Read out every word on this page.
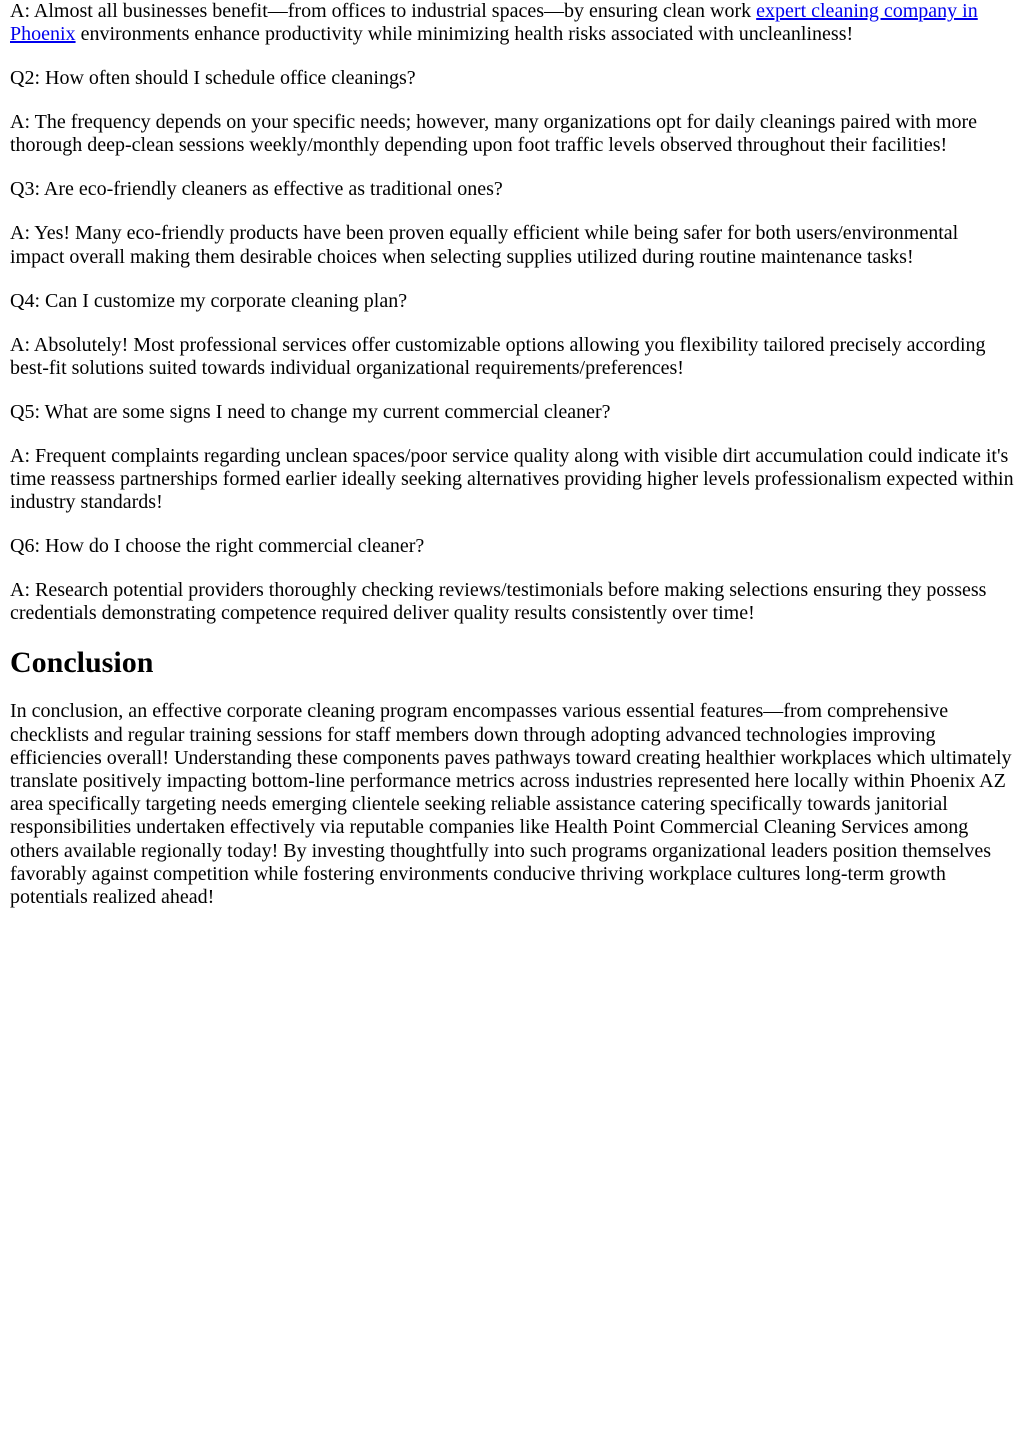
A: Almost all businesses benefit—from offices to industrial spaces—by ensuring clean work expert cleaning company in Phoenix environments enhance productivity while minimizing health risks associated with uncleanliness!

Q2: How often should I schedule office cleanings?

A: The frequency depends on your specific needs; however, many organizations opt for daily cleanings paired with more thorough deep-clean sessions weekly/monthly depending upon foot traffic levels observed throughout their facilities!

Q3: Are eco-friendly cleaners as effective as traditional ones?

A: Yes! Many eco-friendly products have been proven equally efficient while being safer for both users/environmental impact overall making them desirable choices when selecting supplies utilized during routine maintenance tasks!

Q4: Can I customize my corporate cleaning plan?

A: Absolutely! Most professional services offer customizable options allowing you flexibility tailored precisely according best-fit solutions suited towards individual organizational requirements/preferences!

Q5: What are some signs I need to change my current commercial cleaner?

A: Frequent complaints regarding unclean spaces/poor service quality along with visible dirt accumulation could indicate it's time reassess partnerships formed earlier ideally seeking alternatives providing higher levels professionalism expected within industry standards!

Q6: How do I choose the right commercial cleaner?

A: Research potential providers thoroughly checking reviews/testimonials before making selections ensuring they possess credentials demonstrating competence required deliver quality results consistently over time!

Conclusion

In conclusion, an effective corporate cleaning program encompasses various essential features—from comprehensive checklists and regular training sessions for staff members down through adopting advanced technologies improving efficiencies overall! Understanding these components paves pathways toward creating healthier workplaces which ultimately translate positively impacting bottom-line performance metrics across industries represented here locally within Phoenix AZ area specifically targeting needs emerging clientele seeking reliable assistance catering specifically towards janitorial responsibilities undertaken effectively via reputable companies like Health Point Commercial Cleaning Services among others available regionally today! By investing thoughtfully into such programs organizational leaders position themselves favorably against competition while fostering environments conducive thriving workplace cultures long-term growth potentials realized ahead!
